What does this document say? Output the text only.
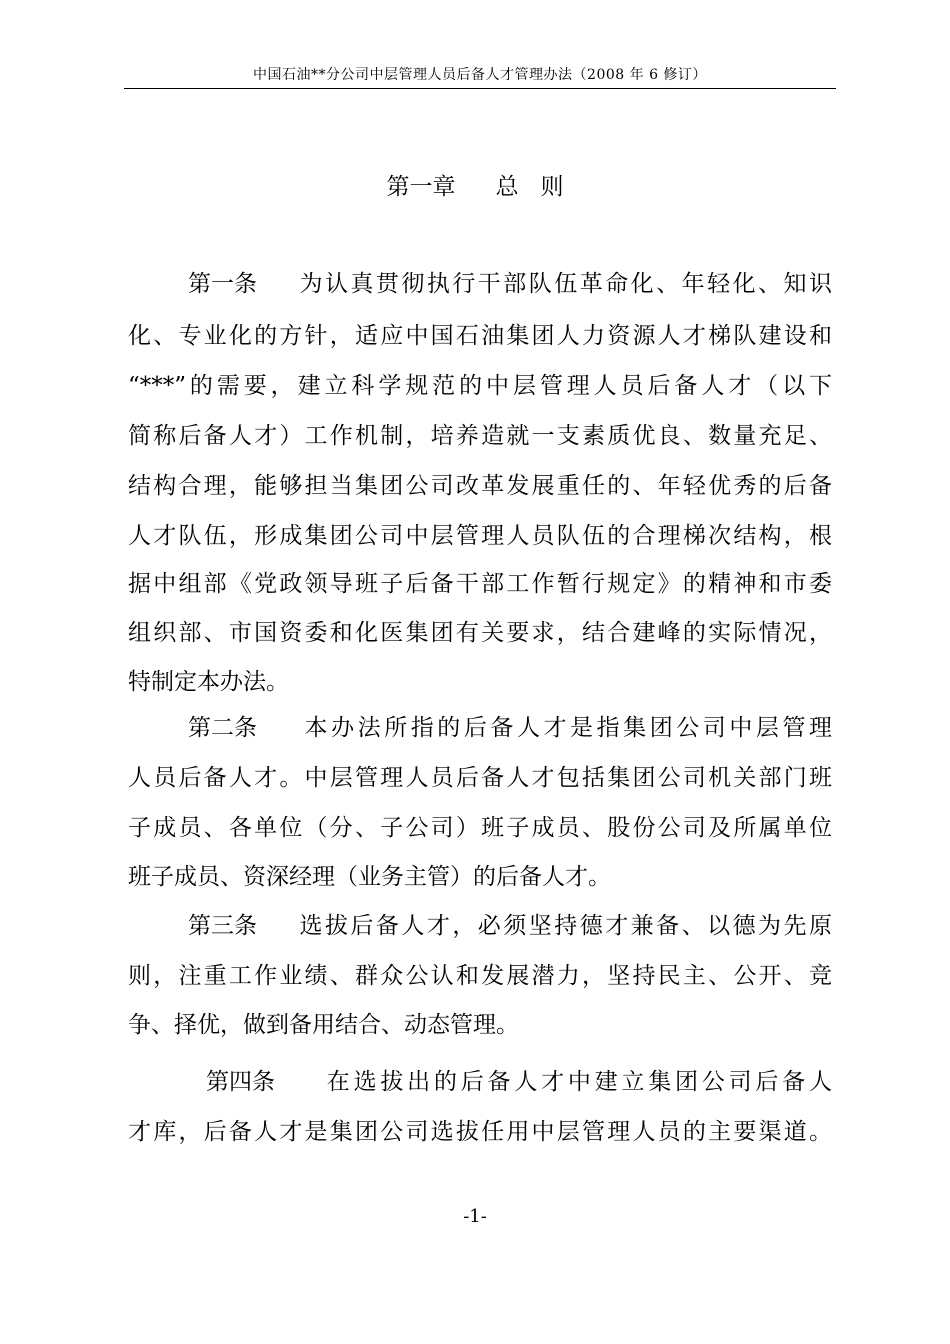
中国石油**分公司中层管理人员后备人才管理办法（2008 年 6 修订）
第一章 总 则
第一条 为认真贯彻执行干部队伍革命化、年轻化、知识
化、专业化的方针，适应中国石油集团人力资源人才梯队建设和
“***”的需要，建立科学规范的中层管理人员后备人才（以下
简称后备人才）工作机制，培养造就一支素质优良、数量充足、
结构合理，能够担当集团公司改革发展重任的、年轻优秀的后备
人才队伍，形成集团公司中层管理人员队伍的合理梯次结构，根
据中组部《党政领导班子后备干部工作暂行规定》的精神和市委
组织部、市国资委和化医集团有关要求，结合建峰的实际情况，
特制定本办法。
第二条 本办法所指的后备人才是指集团公司中层管理
人员后备人才。中层管理人员后备人才包括集团公司机关部门班
子成员、各单位（分、子公司）班子成员、股份公司及所属单位
班子成员、资深经理（业务主管）的后备人才。
第三条 选拔后备人才，必须坚持德才兼备、以德为先原
则，注重工作业绩、群众公认和发展潜力，坚持民主、公开、竞
争、择优，做到备用结合、动态管理。
第四条 在选拔出的后备人才中建立集团公司后备人
才库，后备人才是集团公司选拔任用中层管理人员的主要渠道。
-1-
